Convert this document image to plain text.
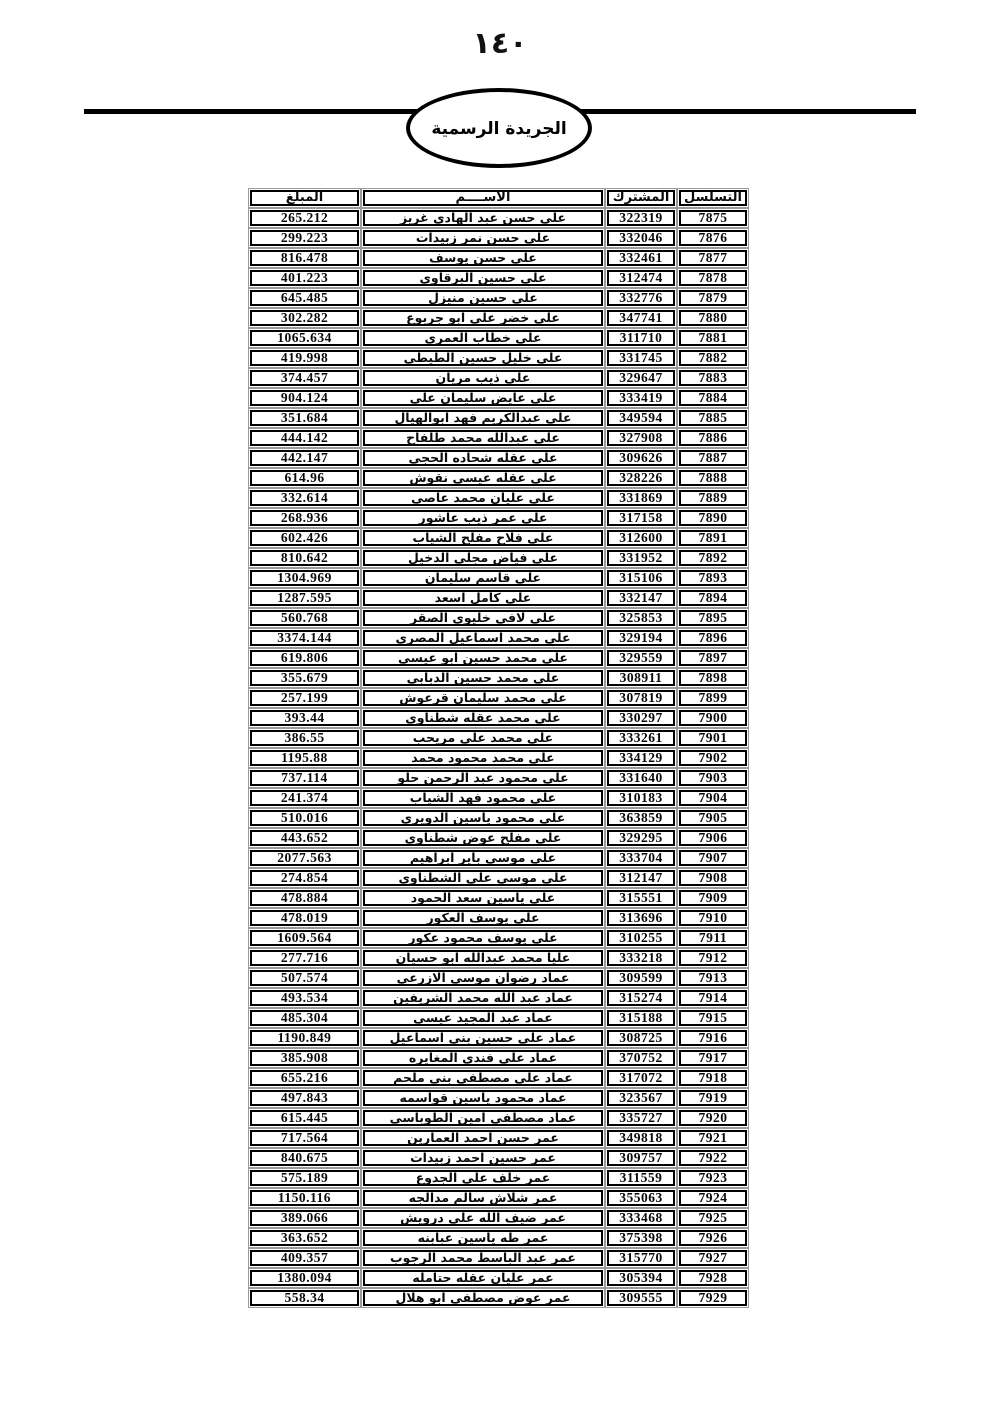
١٤٠
الجريدة الرسمية
التسلسل	المشترك	الاســــم	المبلغ
7875	322319	علي حسن عبد الهادي غريز	265.212
7876	332046	علي حسن نمر زبيدات	299.223
7877	332461	علي حسن يوسف	816.478
7878	312474	علي حسين البرقاوي	401.223
7879	332776	علي حسين منيزل	645.485
7880	347741	علي خضر علي ابو جربوع	302.282
7881	311710	علي خطاب العمري	1065.634
7882	331745	علي خليل حسين الطيطي	419.998
7883	329647	علي ذيب مريان	374.457
7884	333419	علي عايض سليمان علي	904.124
7885	349594	علي عبدالكريم فهد ابوالهيال	351.684
7886	327908	علي عبدالله محمد طلفاح	444.142
7887	309626	علي عقله شحاده الحجي	442.147
7888	328226	علي عقله عيسى نقوش	614.96
7889	331869	علي عليان محمد عاصي	332.614
7890	317158	علي عمر ذيب عاشور	268.936
7891	312600	علي فلاح مفلح الشياب	602.426
7892	331952	علي فياض مجلي الدخيل	810.642
7893	315106	علي قاسم سليمان	1304.969
7894	332147	علي كامل اسعد	1287.595
7895	325853	علي لافي خليوي الصقر	560.768
7896	329194	علي محمد اسماعيل المصري	3374.144
7897	329559	علي محمد حسين ابو عيسى	619.806
7898	308911	علي محمد حسين الدبابي	355.679
7899	307819	علي محمد سليمان قرعوش	257.199
7900	330297	علي محمد عقله شطناوي	393.44
7901	333261	علي محمد علي مريحب	386.55
7902	334129	علي محمد محمود محمد	1195.88
7903	331640	علي محمود عبد الرحمن حلو	737.114
7904	310183	علي محمود فهد الشياب	241.374
7905	363859	علي محمود ياسين الدويري	510.016
7906	329295	علي مفلح عوض شطناوي	443.652
7907	333704	علي موسى باير ابراهيم	2077.563
7908	312147	علي موسى علي الشطناوي	274.854
7909	315551	علي ياسين سعد الحمود	478.884
7910	313696	علي يوسف العكور	478.019
7911	310255	علي يوسف محمود عكور	1609.564
7912	333218	عليا محمد عبدالله ابو حسيان	277.716
7913	309599	عماد رضوان موسى الازرعي	507.574
7914	315274	عماد عبد الله محمد الشريفين	493.534
7915	315188	عماد عبد المجيد عيسى	485.304
7916	308725	عماد علي حسين بني اسماعيل	1190.849
7917	370752	عماد علي فندي المغايره	385.908
7918	317072	عماد علي مصطفى بني ملحم	655.216
7919	323567	عماد محمود ياسين قواسمه	497.843
7920	335727	عماد مصطفى امين الطوباسي	615.445
7921	349818	عمر حسن احمد العمارين	717.564
7922	309757	عمر حسين احمد زبيدات	840.675
7923	311559	عمر خلف علي الجدوع	575.189
7924	355063	عمر شلاش سالم مدالجه	1150.116
7925	333468	عمر ضيف الله علي درويش	389.066
7926	375398	عمر طه ياسين عبابنه	363.652
7927	315770	عمر عبد الباسط محمد الرجوب	409.357
7928	305394	عمر عليان عقله حتامله	1380.094
7929	309555	عمر عوض مصطفى ابو هلال	558.34
